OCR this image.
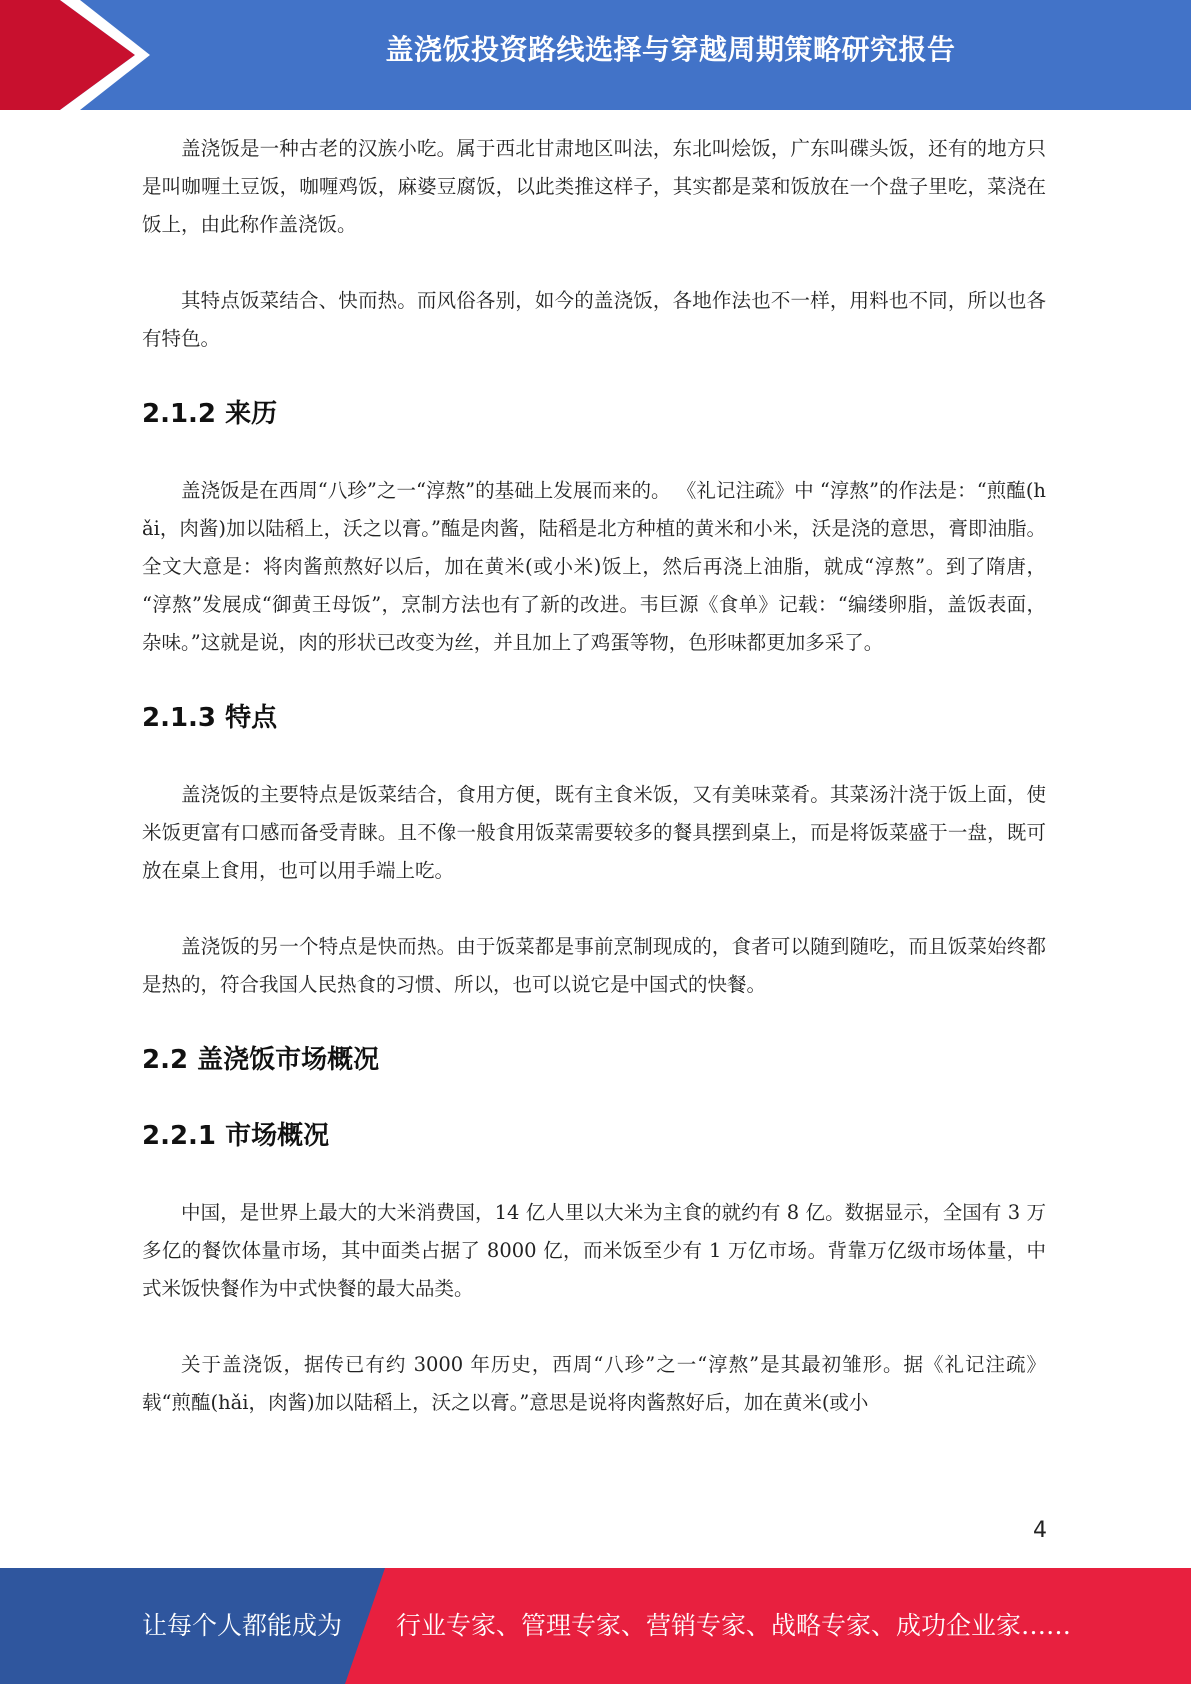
盖浇饭投资路线选择与穿越周期策略研究报告

盖浇饭是一种古老的汉族小吃。属于西北甘肃地区叫法，东北叫烩饭，广东叫碟头饭，还有的地方只是叫咖喱土豆饭，咖喱鸡饭，麻婆豆腐饭，以此类推这样子，其实都是菜和饭放在一个盘子里吃，菜浇在饭上，由此称作盖浇饭。

其特点饭菜结合、快而热。而风俗各别，如今的盖浇饭，各地作法也不一样，用料也不同，所以也各有特色。

2.1.2 来历

盖浇饭是在西周“八珍”之一“淳熬”的基础上发展而来的。 《礼记注疏》中 “淳熬”的作法是：“煎醢(hǎi，肉酱)加以陆稻上，沃之以膏。”醢是肉酱，陆稻是北方种植的黄米和小米，沃是浇的意思，膏即油脂。全文大意是：将肉酱煎熬好以后，加在黄米(或小米)饭上，然后再浇上油脂，就成“淳熬”。到了隋唐， “淳熬”发展成“御黄王母饭”，烹制方法也有了新的改进。韦巨源《食单》记载：“编缕卵脂，盖饭表面，杂味。”这就是说，肉的形状已改变为丝，并且加上了鸡蛋等物，色形味都更加多采了。

2.1.3 特点

盖浇饭的主要特点是饭菜结合，食用方便，既有主食米饭，又有美味菜肴。其菜汤汁浇于饭上面，使米饭更富有口感而备受青睐。且不像一般食用饭菜需要较多的餐具摆到桌上，而是将饭菜盛于一盘，既可放在桌上食用，也可以用手端上吃。

盖浇饭的另一个特点是快而热。由于饭菜都是事前烹制现成的，食者可以随到随吃，而且饭菜始终都是热的，符合我国人民热食的习惯、所以，也可以说它是中国式的快餐。

2.2 盖浇饭市场概况
2.2.1 市场概况

中国，是世界上最大的大米消费国，14 亿人里以大米为主食的就约有 8 亿。数据显示，全国有 3 万多亿的餐饮体量市场，其中面类占据了 8000 亿，而米饭至少有 1 万亿市场。背靠万亿级市场体量，中式米饭快餐作为中式快餐的最大品类。

关于盖浇饭，据传已有约 3000 年历史，西周“八珍”之一“淳熬”是其最初雏形。据《礼记注疏》载“煎醢(hǎi，肉酱)加以陆稻上，沃之以膏。”意思是说将肉酱熬好后，加在黄米(或小

4
让每个人都能成为 行业专家、管理专家、营销专家、战略专家、成功企业家……
